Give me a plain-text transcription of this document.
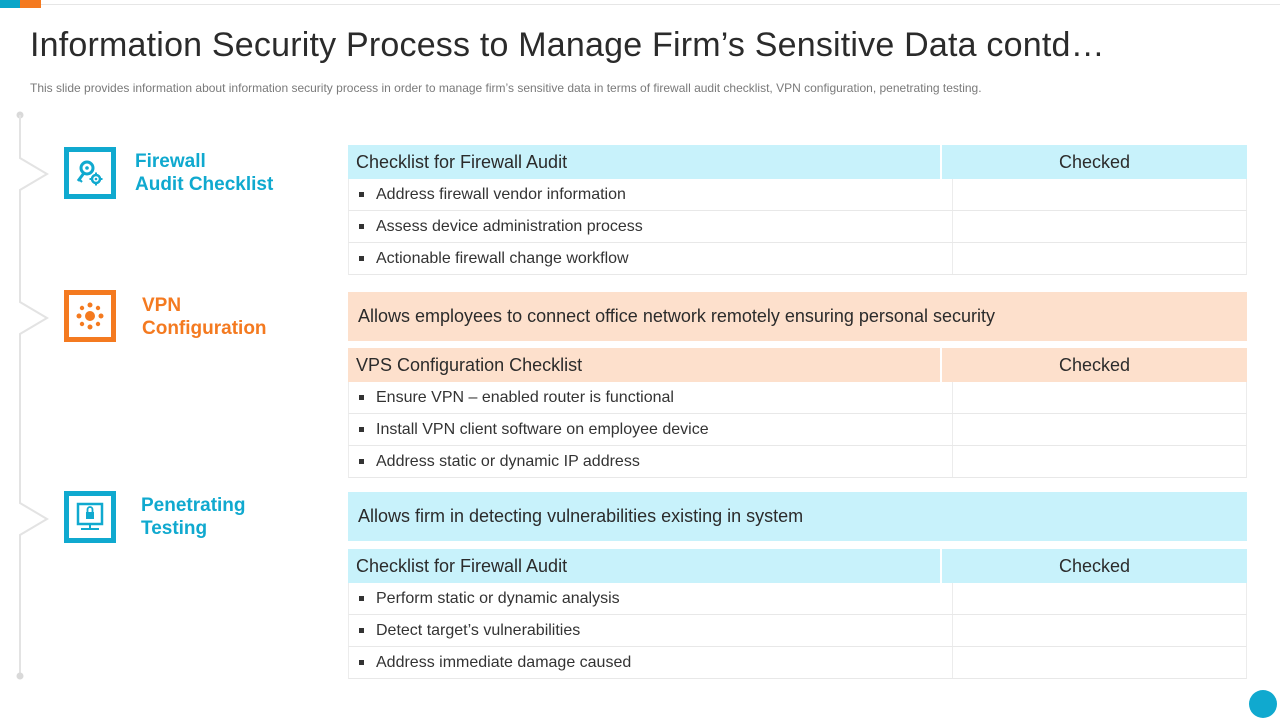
Information Security Process to Manage Firm’s Sensitive Data contd…

This slide provides information about information security process in order to manage firm’s sensitive data in terms of firewall audit checklist, VPN configuration, penetrating testing.

Firewall
Audit Checklist
Checklist for Firewall Audit	Checked
Address firewall vendor information
Assess device administration process
Actionable firewall change workflow
VPN
Configuration
Allows employees to connect office network remotely ensuring personal security
VPS Configuration Checklist	Checked
Ensure VPN – enabled router is functional
Install VPN client software on employee device
Address static or dynamic IP address
Penetrating
Testing
Allows firm in detecting vulnerabilities existing in system
Checklist for Firewall Audit	Checked
Perform static or dynamic analysis
Detect target’s vulnerabilities
Address immediate damage caused
